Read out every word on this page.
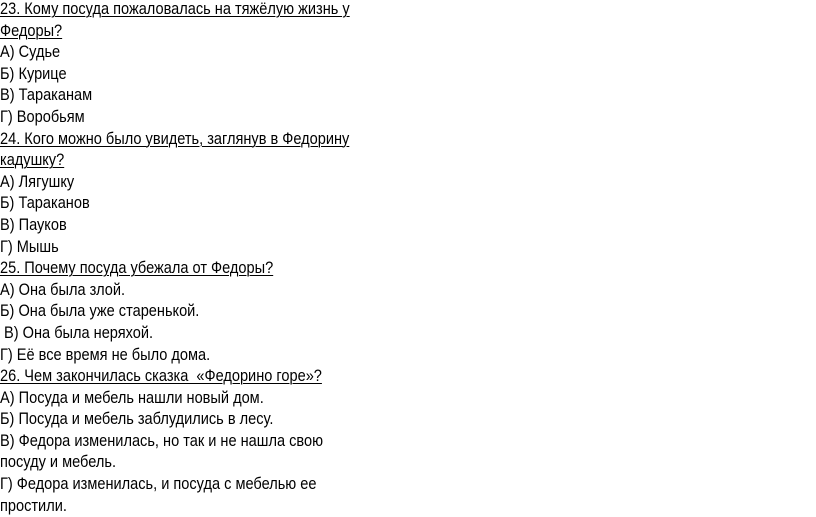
23. Кому посуда пожаловалась на тяжёлую жизнь у
Федоры?
А) Судье
Б) Курице
В) Тараканам
Г) Воробьям
24. Кого можно было увидеть, заглянув в Федорину
кадушку?
А) Лягушку
Б) Тараканов
В) Пауков
Г) Мышь
25. Почему посуда убежала от Федоры?
А) Она была злой.
Б) Она была уже старенькой.
В) Она была неряхой.
Г) Её все время не было дома.
26. Чем закончилась сказка  «Федорино горе»?
А) Посуда и мебель нашли новый дом.
Б) Посуда и мебель заблудились в лесу.
В) Федора изменилась, но так и не нашла свою
посуду и мебель.
Г) Федора изменилась, и посуда с мебелью ее
простили.
